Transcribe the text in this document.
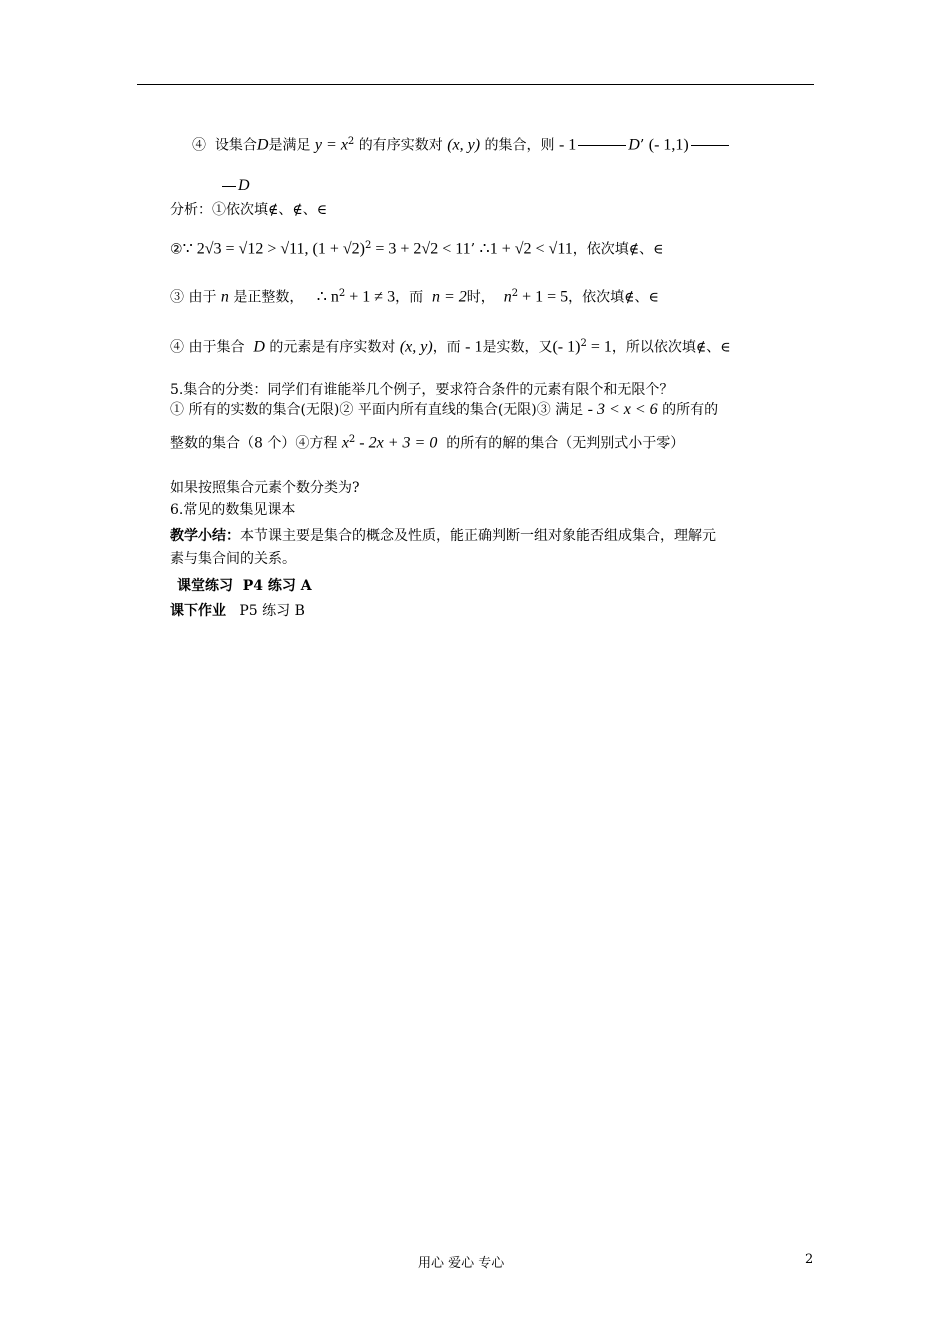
④ 设集合D是满足 $y = x^2$ 的有序实数对 (x, y) 的集合，则 - 1	D’ (- 1,1)
D
分析：①依次填∉、∉、∈
②∵ 2√3 = √12 > √11, $(1 + √2)^2 = 3 + 2√2 < 11$’ ∴1 + √2 < √11，依次填∉、∈
③ 由于 n 是正整数， ∴ $n^2 + 1 \ne 3$，而 n = 2时， $n^2 + 1 = 5$，依次填∉、∈
④ 由于集合 D 的元素是有序实数对 (x, y)，而 - 1是实数，又(- 1)$^2$ = 1，所以依次填∉、∈
5.集合的分类：同学们有谁能举几个例子，要求符合条件的元素有限个和无限个？
① 所有的实数的集合(无限)② 平面内所有直线的集合(无限)③ 满足 - 3 < x < 6 的所有的
整数的集合（8 个）④方程 $x^2 - 2x + 3 = 0$ 的所有的解的集合（无判别式小于零）
如果按照集合元素个数分类为?
6.常见的数集见课本
教学小结：本节课主要是集合的概念及性质，能正确判断一组对象能否组成集合，理解元
素与集合间的关系。
课堂练习 P4 练习 A
课下作业 P5 练习 B
用心 爱心 专心	2
